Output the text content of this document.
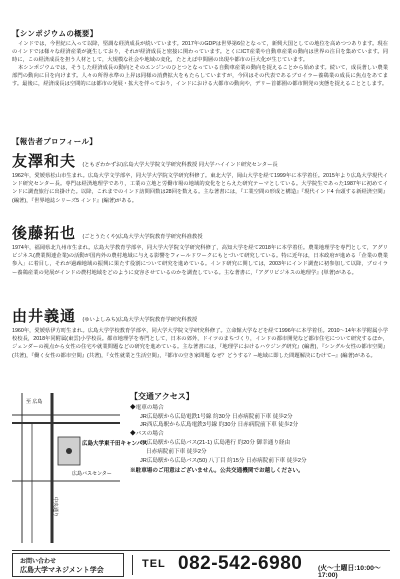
【シンポジウムの概要】

インドでは，今世紀に入って以降，堅調な経済成長が続いています。2017年のGDPは世界第6位となって，新興大国としての地位を高めつつあります。現在のインドでは様々な経済産業が誕生しており，それが経済成長と密接に関わっています。とくにICT産業や自動車産業の動向は世界の注目を集めています。同時に，この経済成長を担う人材として，大規模な社会や地域の変化，たとえば中間層の出現や都市の巨大化が生じています。

本シンポジウムでは，そうした経済成長の動向とそのエンジンのひとつとなっている自動車産業の動向を捉えることから始めます。続いて，成長著しい農業部門の動向に目を向けます。人々の所得水準の上昇は同様の消費拡大をもたらしていますが，今回はその代表であるブロイラー養鶏業の成長に焦点をあてます。最後に，経済成長は空間的には都市の発展・拡大を伴っており，インドにおける大都市の動向や，デリー首都圏の都市開発の実態を捉えることとします。

【報告者プロフィール】
友澤和夫 (ともざわかずお)広島大学大学院文学研究科教授 同大学ハイインド研究センター長

1962年，愛媛県松山市生まれ。広島大学文学部卒，同大学大学院文学研究科修了。東北大学，岡山大学を経て1999年に本学着任。2015年より広島大学現代インド研究センター長。専門は経済地理学であり，工業の立地と労働市場の地域的変化をとらえた研究テーマとしている。大学院生であった1987年に初めてインドに調査旅行に出掛けた。以降，これまでのインド訪問回数は28回を数える。主な著書には，『工業空間の形成と構造』『現代インド4 台頭する新経済空間』(編著)，『世界地誌シリーズ5 インド』(編著)がある。

後藤拓也 (ごとうたくや)広島大学大学院教育学研究科准教授

1974年，福岡県北九州市生まれ。広島大学教育学部卒，同大学大学院文学研究科修了，高知大学を経て2018年に本学着任。農業地理学を専門として，アグリビジネス(農業関連企業)の活動が国内外の農村地域に与える影響をフィールドワークにもとづいて研究している。特に近年は，日本政府が進める「企業の農業参入」に着目し，それが過疎地域の振興に果たす役割について研究を進めている。インド研究に関しては，2003年にインド調査に初参加して以降，ブロイラー養鶏産業の発展がインドの農村地域をどのように変容させているのかを調査している。主な著書に，『アグリビジネスの地理学』(単著)がある。

由井義通 (ゆいよしみち)広島大学大学院教育学研究科教授

1960年，愛媛県伊方町生まれ。広島大学学校教育学部卒，同大学大学院文学研究科修了。立命館大学などを経て1996年に本学着任。2010〜14年本学附属小学校校長，2018年同附属(東雲)小学校長。都市地理学を専門として，日本の郊外，ドイツのまちづくり，インドの都市開発など都市住宅について研究するほか，ジェンダーの視点から女性の住宅や就業問題などの研究を進めている。主な著書には，『地理学におけるハウジング研究』(編著)，『シングル女性の都市空間』(共著)，『働く女性の都市空間』(共著)，『女性就業と生活空間』，『都市の空き家問題 なぜ？どうする？─地域に即した問題解決にむけて─』(編著)がある。

至 広島
中央通り
広島大学東千田キャンパス
広島バスセンター
【交通アクセス】
◆電車の場合
JR広島駅から広島電鉄1号線 約30分 日赤病院前下車 徒歩2分
JR西広島駅から広島電鉄3号線 約30分 日赤病院前下車 徒歩2分
◆バスの場合
JR広島駅から広島バス(21-1) 広島港行 約20分 御幸通り経由
日赤病院前下車 徒歩2分
JR広島駅から広島バス(50) 八丁目 約15分 日赤病院前下車 徒歩2分
※駐車場のご用意はございません。公共交通機関でお越しください。
お問い合わせ
広島大学マネジメント学会
TEL 082-542-6980 (火〜土曜日:10:00〜17:00)
